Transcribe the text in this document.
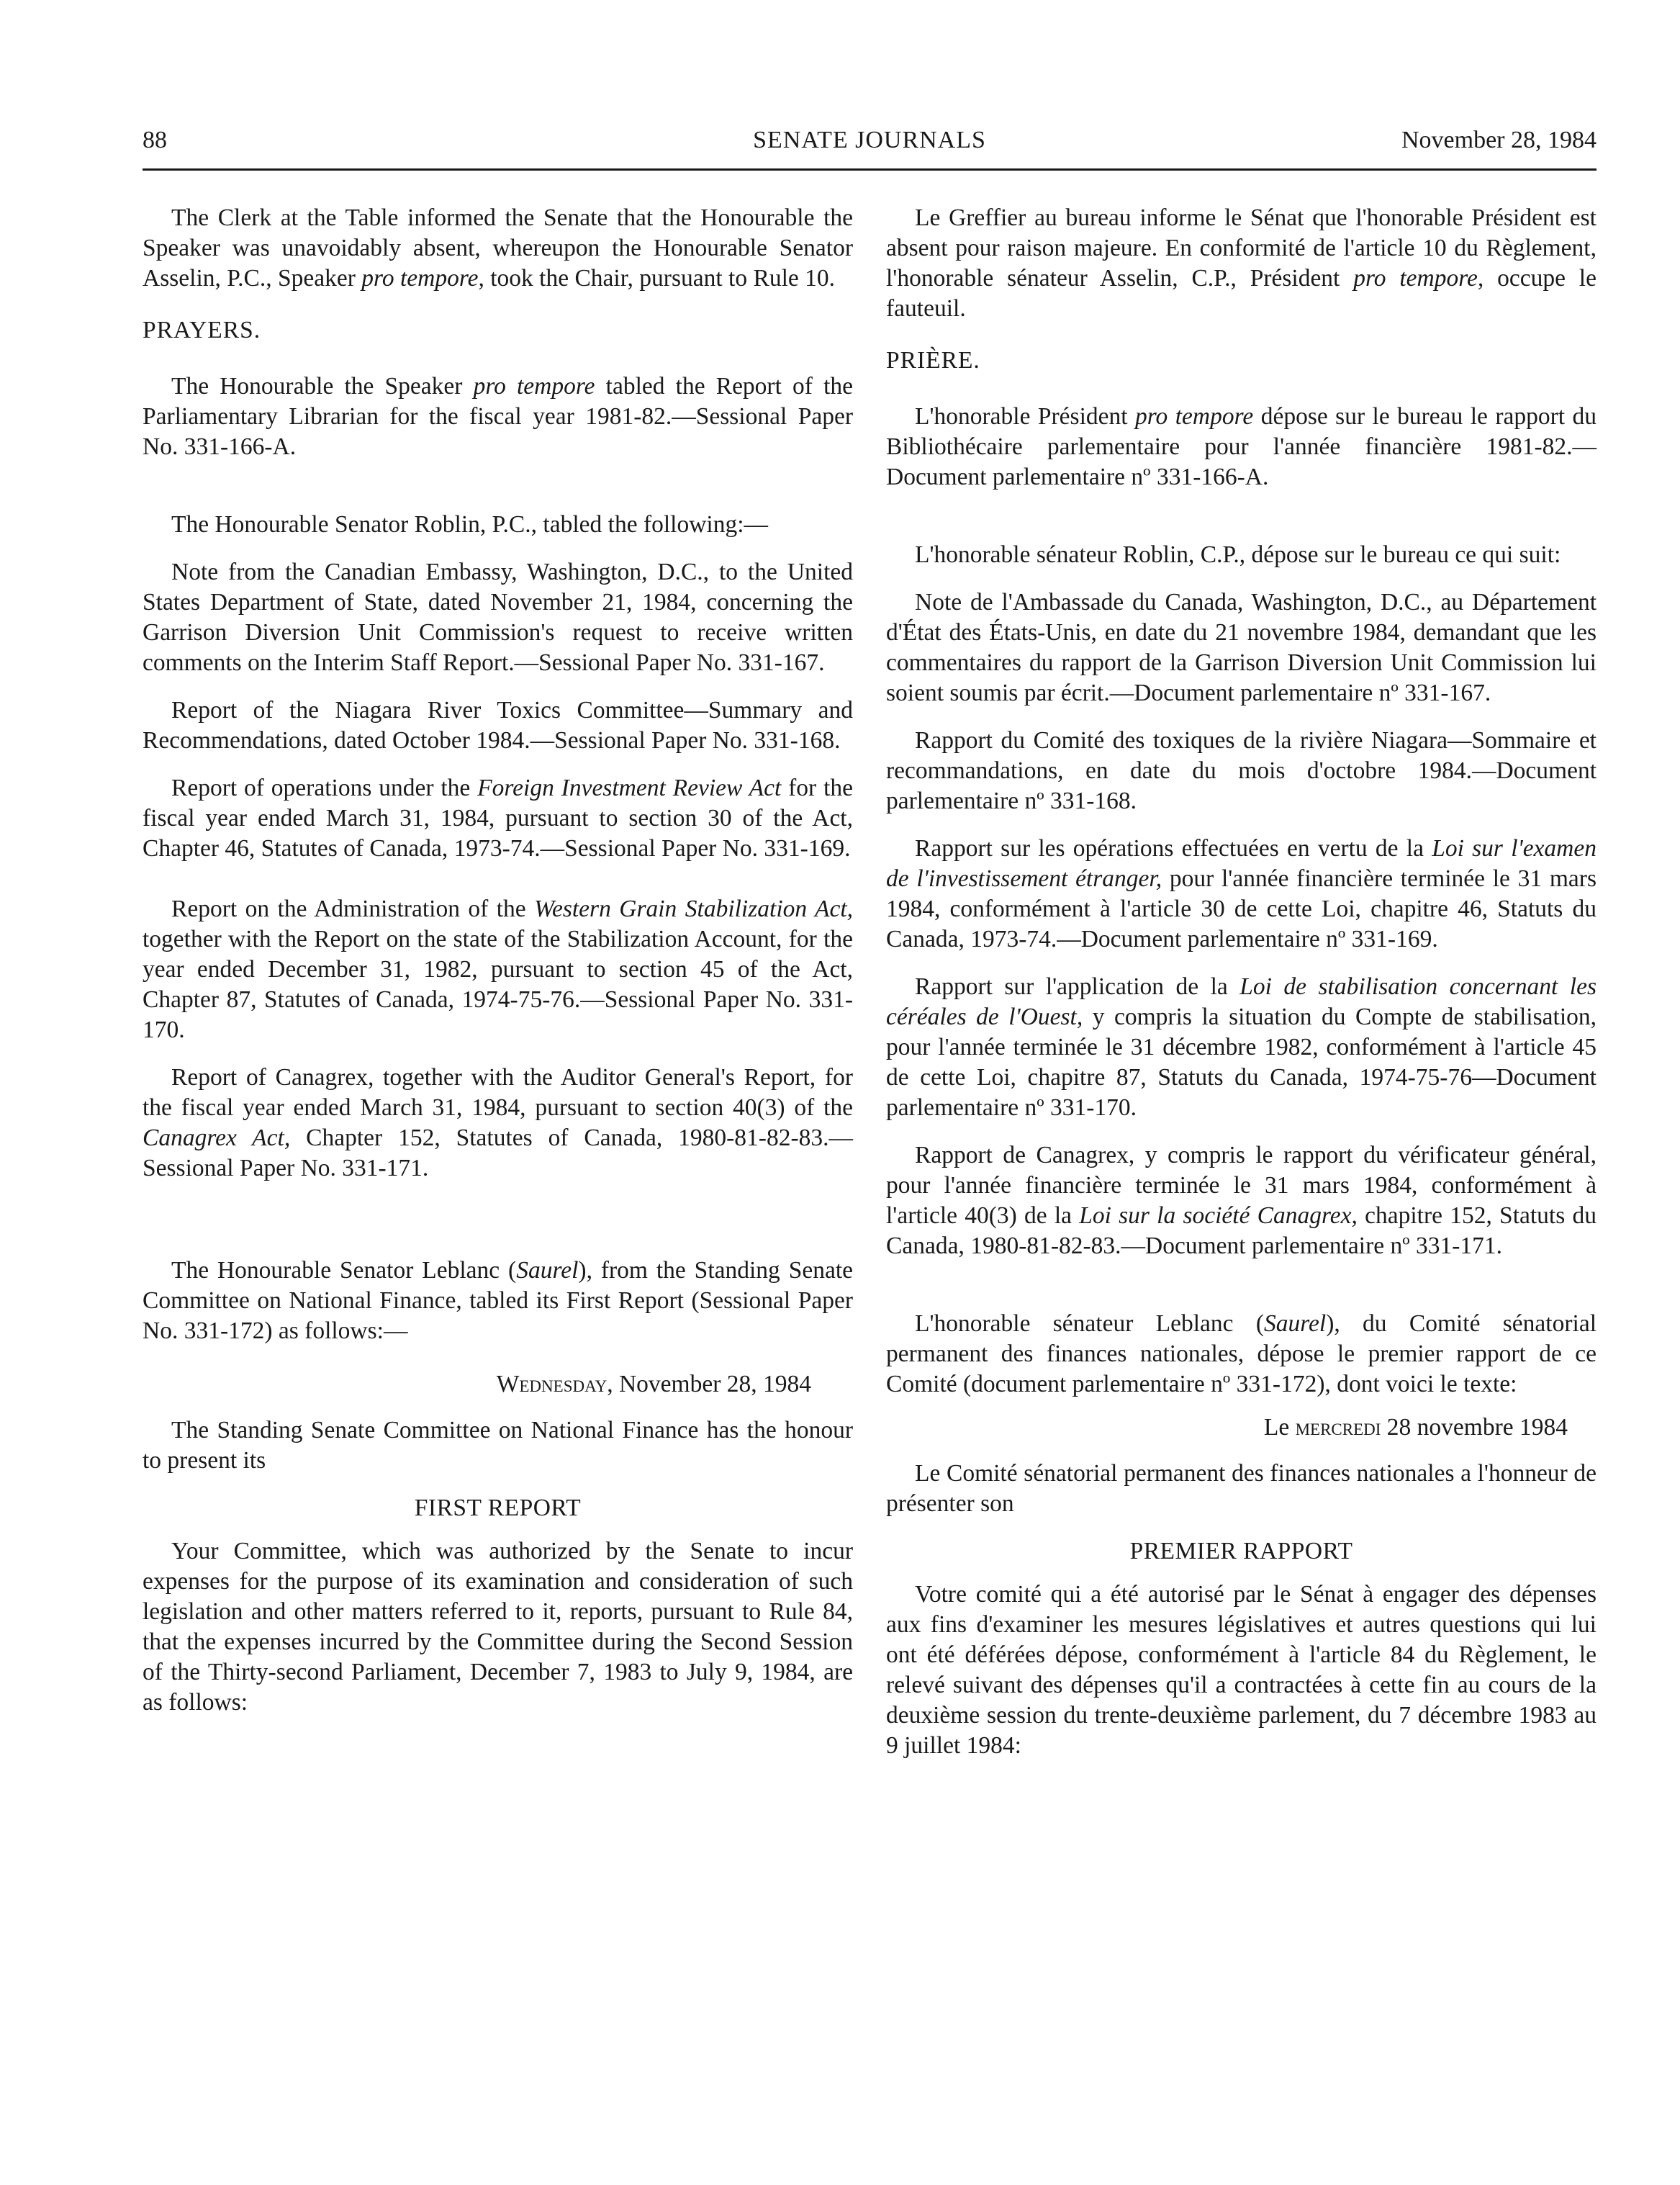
88	SENATE JOURNALS	November 28, 1984

The Clerk at the Table informed the Senate that the Honourable the Speaker was unavoidably absent, whereupon the Honourable Senator Asselin, P.C., Speaker pro tempore, took the Chair, pursuant to Rule 10.

PRAYERS.

The Honourable the Speaker pro tempore tabled the Report of the Parliamentary Librarian for the fiscal year 1981-82.—Sessional Paper No. 331-166-A.

The Honourable Senator Roblin, P.C., tabled the following:—

Note from the Canadian Embassy, Washington, D.C., to the United States Department of State, dated November 21, 1984, concerning the Garrison Diversion Unit Commission's request to receive written comments on the Interim Staff Report.—Sessional Paper No. 331-167.

Report of the Niagara River Toxics Committee—Summary and Recommendations, dated October 1984.—Sessional Paper No. 331-168.

Report of operations under the Foreign Investment Review Act for the fiscal year ended March 31, 1984, pursuant to section 30 of the Act, Chapter 46, Statutes of Canada, 1973-74.—Sessional Paper No. 331-169.

Report on the Administration of the Western Grain Stabilization Act, together with the Report on the state of the Stabilization Account, for the year ended December 31, 1982, pursuant to section 45 of the Act, Chapter 87, Statutes of Canada, 1974-75-76.—Sessional Paper No. 331-170.

Report of Canagrex, together with the Auditor General's Report, for the fiscal year ended March 31, 1984, pursuant to section 40(3) of the Canagrex Act, Chapter 152, Statutes of Canada, 1980-81-82-83.—Sessional Paper No. 331-171.

The Honourable Senator Leblanc (Saurel), from the Standing Senate Committee on National Finance, tabled its First Report (Sessional Paper No. 331-172) as follows:—

Wednesday, November 28, 1984

The Standing Senate Committee on National Finance has the honour to present its

FIRST REPORT

Your Committee, which was authorized by the Senate to incur expenses for the purpose of its examination and consideration of such legislation and other matters referred to it, reports, pursuant to Rule 84, that the expenses incurred by the Committee during the Second Session of the Thirty-second Parliament, December 7, 1983 to July 9, 1984, are as follows:

Le Greffier au bureau informe le Sénat que l'honorable Président est absent pour raison majeure. En conformité de l'article 10 du Règlement, l'honorable sénateur Asselin, C.P., Président pro tempore, occupe le fauteuil.

PRIÈRE.

L'honorable Président pro tempore dépose sur le bureau le rapport du Bibliothécaire parlementaire pour l'année financière 1981-82.—Document parlementaire nº 331-166-A.

L'honorable sénateur Roblin, C.P., dépose sur le bureau ce qui suit:

Note de l'Ambassade du Canada, Washington, D.C., au Département d'État des États-Unis, en date du 21 novembre 1984, demandant que les commentaires du rapport de la Garrison Diversion Unit Commission lui soient soumis par écrit.—Document parlementaire nº 331-167.

Rapport du Comité des toxiques de la rivière Niagara—Sommaire et recommandations, en date du mois d'octobre 1984.—Document parlementaire nº 331-168.

Rapport sur les opérations effectuées en vertu de la Loi sur l'examen de l'investissement étranger, pour l'année financière terminée le 31 mars 1984, conformément à l'article 30 de cette Loi, chapitre 46, Statuts du Canada, 1973-74.—Document parlementaire nº 331-169.

Rapport sur l'application de la Loi de stabilisation concernant les céréales de l'Ouest, y compris la situation du Compte de stabilisation, pour l'année terminée le 31 décembre 1982, conformément à l'article 45 de cette Loi, chapitre 87, Statuts du Canada, 1974-75-76—Document parlementaire nº 331-170.

Rapport de Canagrex, y compris le rapport du vérificateur général, pour l'année financière terminée le 31 mars 1984, conformément à l'article 40(3) de la Loi sur la société Canagrex, chapitre 152, Statuts du Canada, 1980-81-82-83.—Document parlementaire nº 331-171.

L'honorable sénateur Leblanc (Saurel), du Comité sénatorial permanent des finances nationales, dépose le premier rapport de ce Comité (document parlementaire nº 331-172), dont voici le texte:

Le mercredi 28 novembre 1984

Le Comité sénatorial permanent des finances nationales a l'honneur de présenter son

PREMIER RAPPORT

Votre comité qui a été autorisé par le Sénat à engager des dépenses aux fins d'examiner les mesures législatives et autres questions qui lui ont été déférées dépose, conformément à l'article 84 du Règlement, le relevé suivant des dépenses qu'il a contractées à cette fin au cours de la deuxième session du trente-deuxième parlement, du 7 décembre 1983 au 9 juillet 1984:
